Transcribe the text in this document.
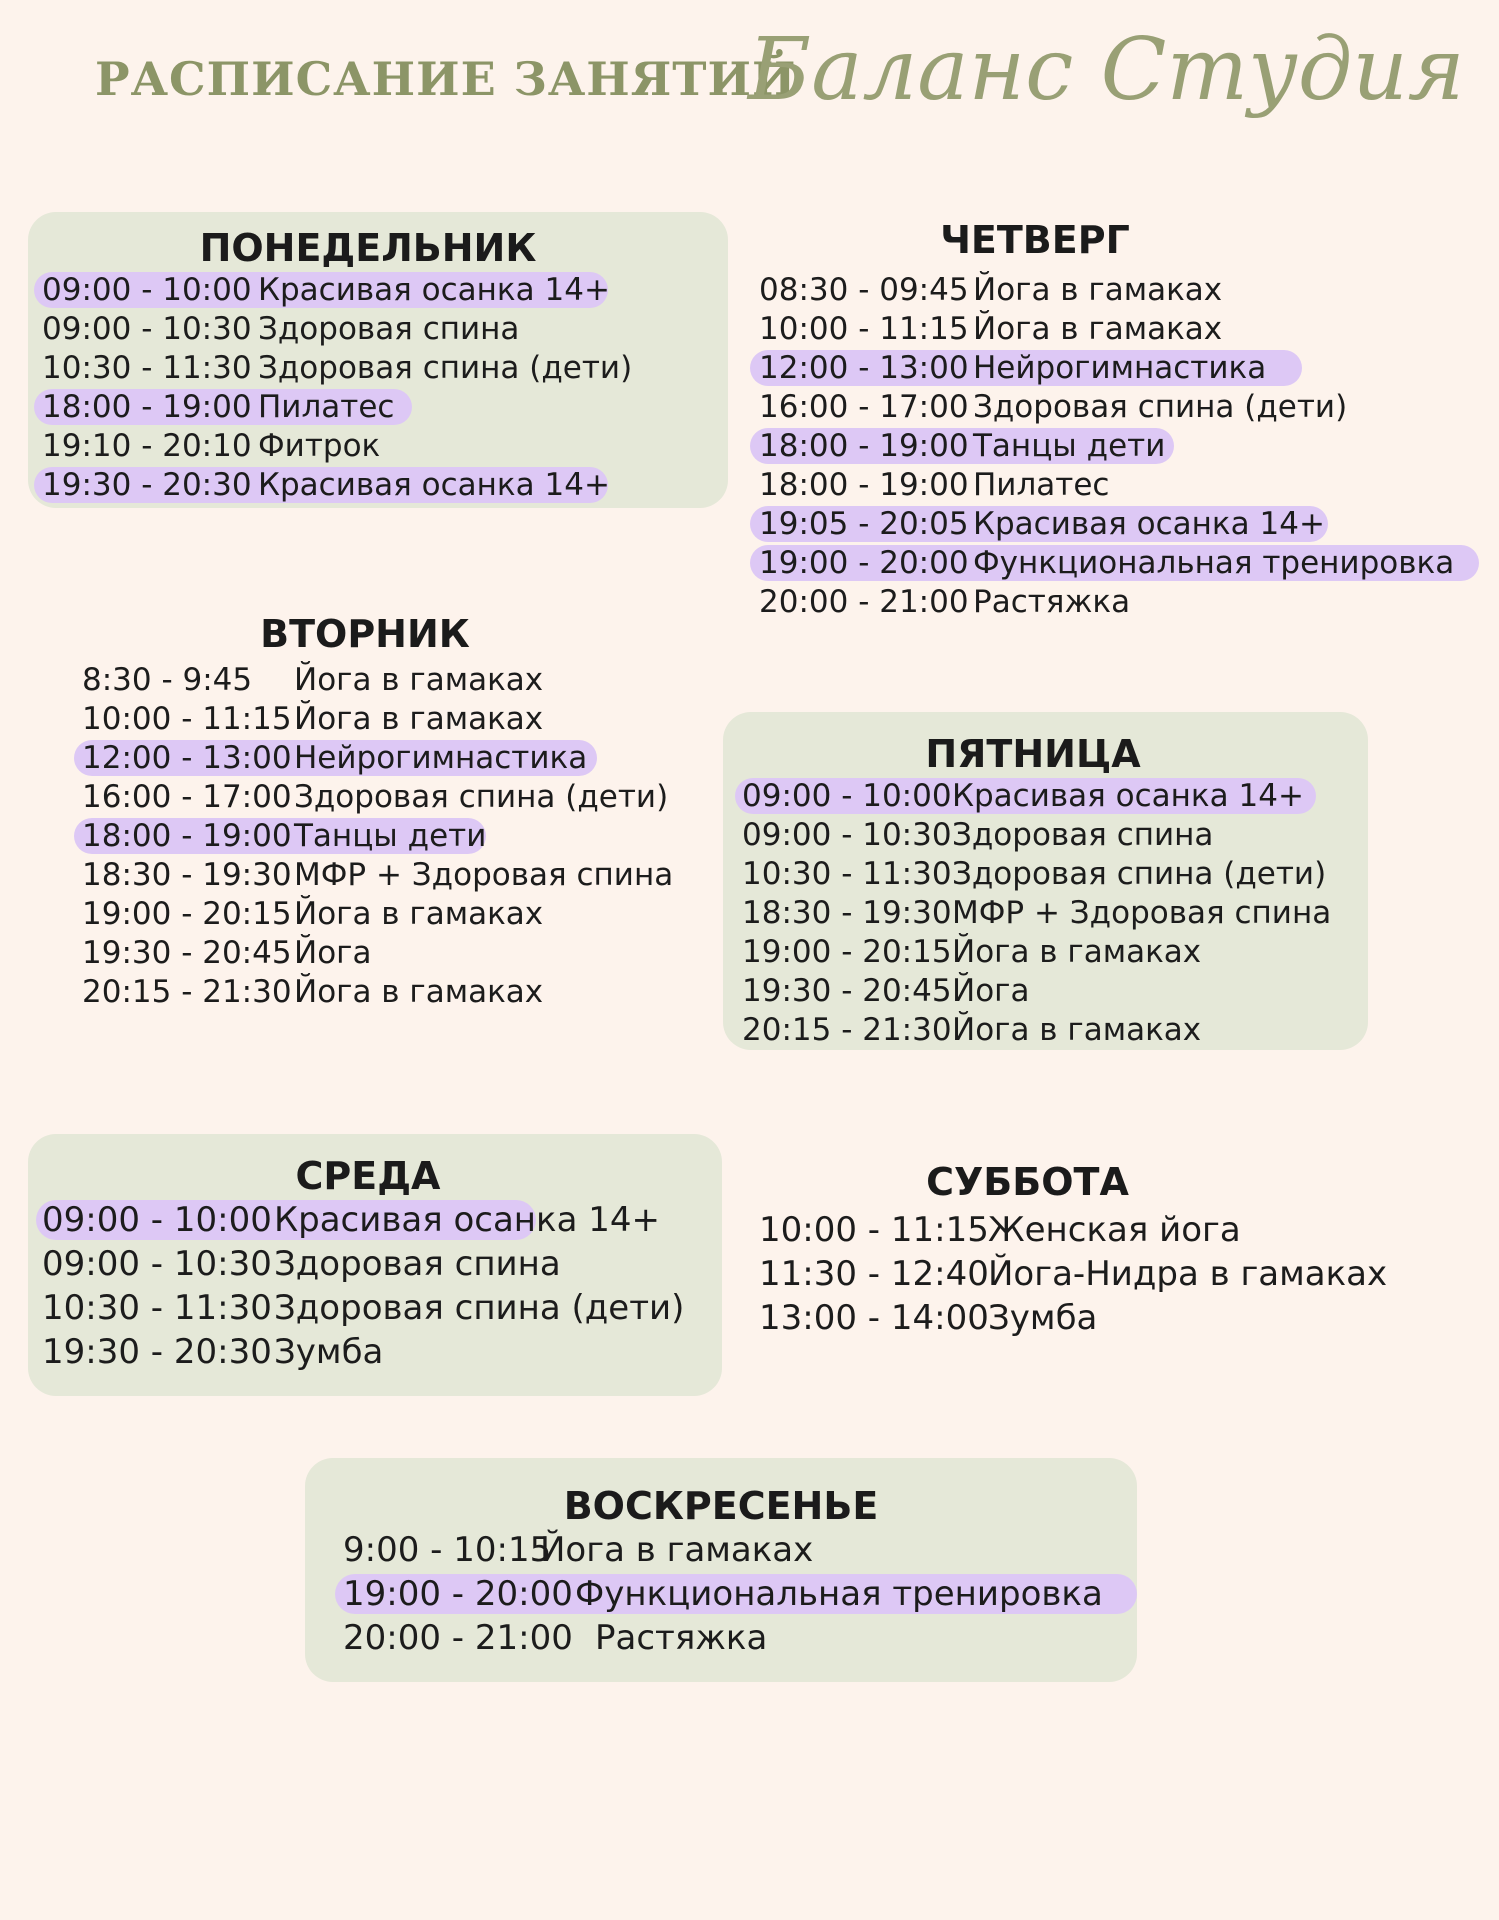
РАСПИСАНИЕ ЗАНЯТИЙ
Баланс Студия
ПОНЕДЕЛЬНИК
09:00 - 10:00 Красивая осанка 14+
09:00 - 10:30 Здоровая спина
10:30 - 11:30 Здоровая спина (дети)
18:00 - 19:00 Пилатес
19:10 - 20:10 Фитрок
19:30 - 20:30 Красивая осанка 14+
ВТОРНИК
8:30 - 9:45 Йога в гамаках
10:00 - 11:15 Йога в гамаках
12:00 - 13:00 Нейрогимнастика
16:00 - 17:00 Здоровая спина (дети)
18:00 - 19:00 Танцы дети
18:30 - 19:30 МФР + Здоровая спина
19:00 - 20:15 Йога в гамаках
19:30 - 20:45 Йога
20:15 - 21:30 Йога в гамаках
СРЕДА
09:00 - 10:00 Красивая осанка 14+
09:00 - 10:30 Здоровая спина
10:30 - 11:30 Здоровая спина (дети)
19:30 - 20:30 Зумба
ЧЕТВЕРГ
08:30 - 09:45 Йога в гамаках
10:00 - 11:15 Йога в гамаках
12:00 - 13:00 Нейрогимнастика
16:00 - 17:00 Здоровая спина (дети)
18:00 - 19:00 Танцы дети
18:00 - 19:00 Пилатес
19:05 - 20:05 Красивая осанка 14+
19:00 - 20:00 Функциональная тренировка
20:00 - 21:00 Растяжка
ПЯТНИЦА
09:00 - 10:00 Красивая осанка 14+
09:00 - 10:30 Здоровая спина
10:30 - 11:30 Здоровая спина (дети)
18:30 - 19:30 МФР + Здоровая спина
19:00 - 20:15 Йога в гамаках
19:30 - 20:45 Йога
20:15 - 21:30 Йога в гамаках
СУББОТА
10:00 - 11:15 Женская йога
11:30 - 12:40 Йога-Нидра в гамаках
13:00 - 14:00 Зумба
ВОСКРЕСЕНЬЕ
9:00 - 10:15
Йога в гамаках
19:00 - 20:00 Функциональная тренировка
20:00 - 21:00 Растяжка
